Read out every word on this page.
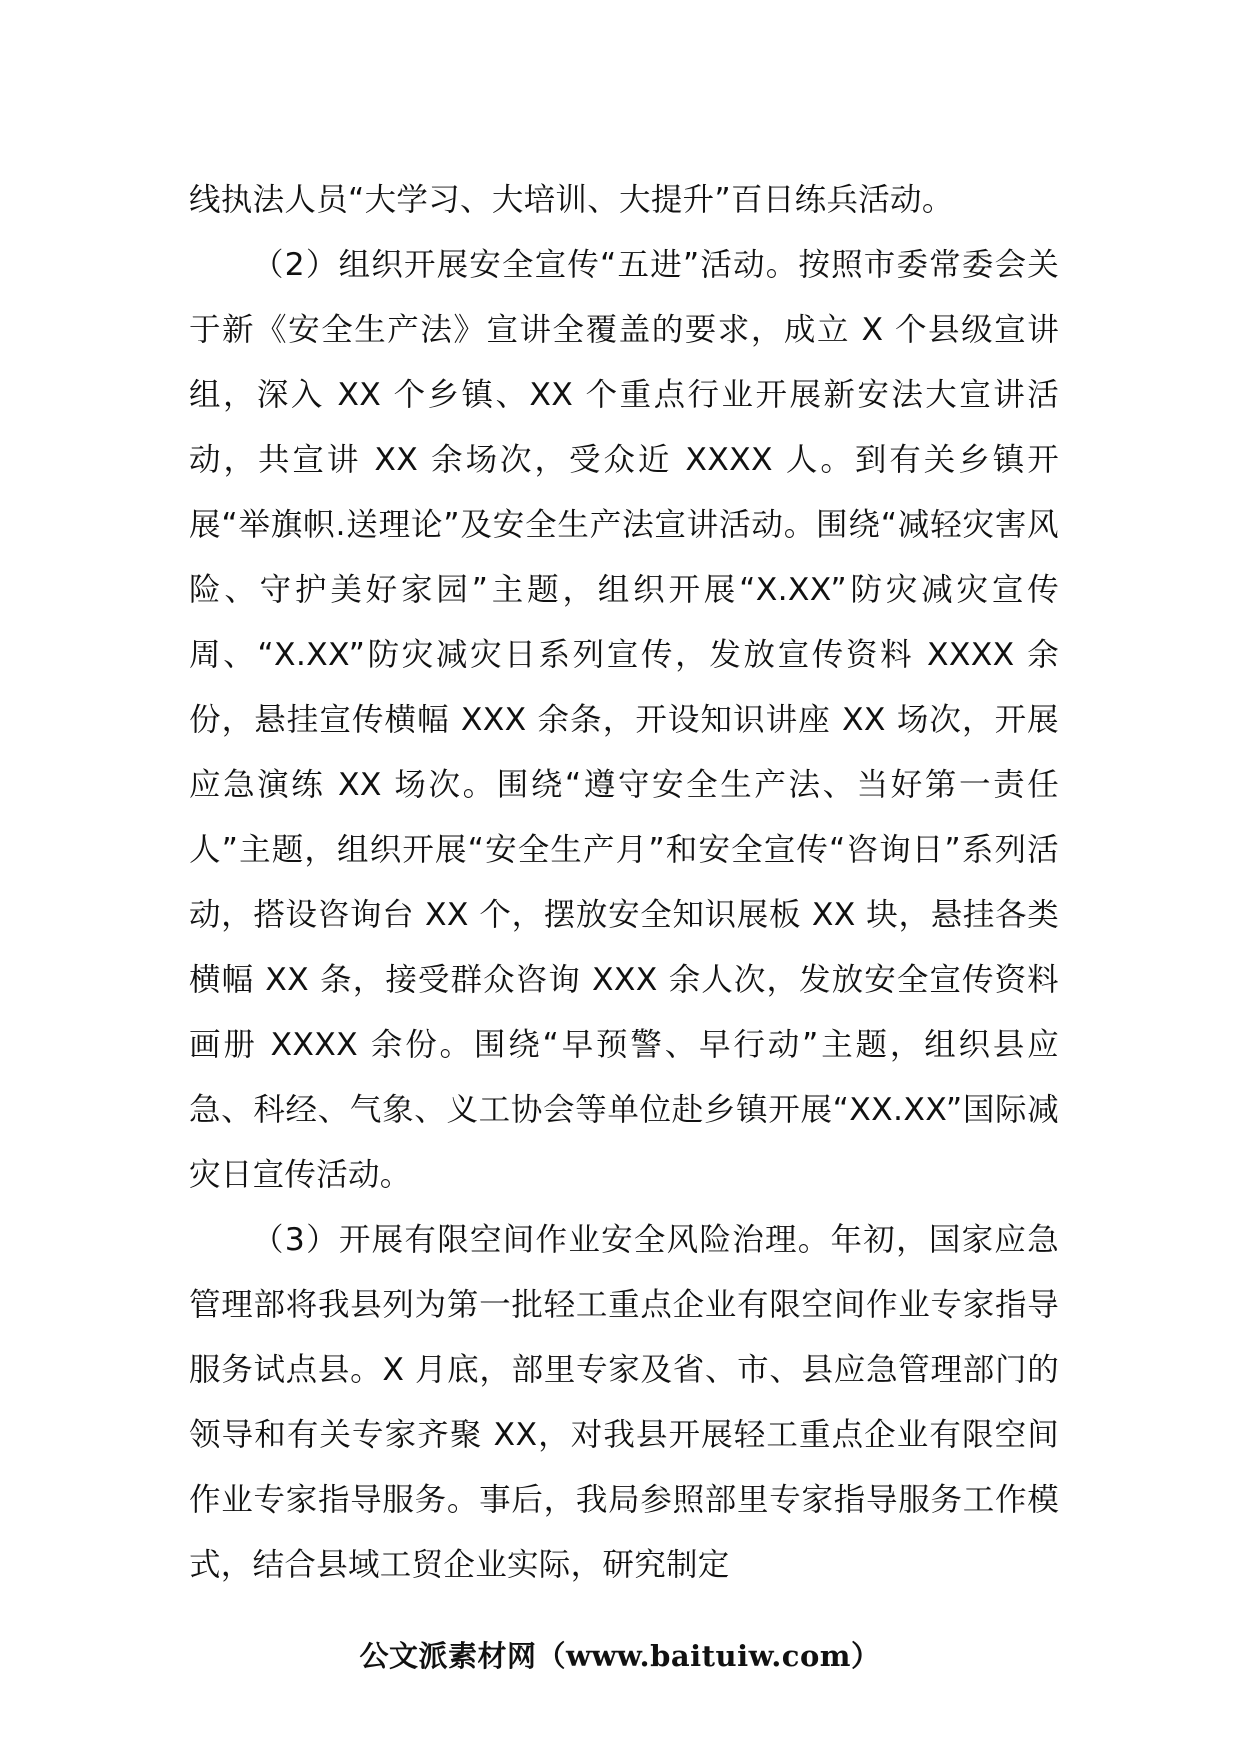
线执法人员“大学习、大培训、大提升”百日练兵活动。

（2）组织开展安全宣传“五进”活动。按照市委常委会关于新《安全生产法》宣讲全覆盖的要求，成立 X 个县级宣讲组，深入 XX 个乡镇、XX 个重点行业开展新安法大宣讲活动，共宣讲 XX 余场次，受众近 XXXX 人。到有关乡镇开展“举旗帜.送理论”及安全生产法宣讲活动。围绕“减轻灾害风险、守护美好家园”主题，组织开展“X.XX”防灾减灾宣传周、“X.XX”防灾减灾日系列宣传，发放宣传资料 XXXX 余份，悬挂宣传横幅 XXX 余条，开设知识讲座 XX 场次，开展应急演练 XX 场次。围绕“遵守安全生产法、当好第一责任人”主题，组织开展“安全生产月”和安全宣传“咨询日”系列活动，搭设咨询台 XX 个，摆放安全知识展板 XX 块，悬挂各类横幅 XX 条，接受群众咨询 XXX 余人次，发放安全宣传资料画册 XXXX 余份。围绕“早预警、早行动”主题，组织县应急、科经、气象、义工协会等单位赴乡镇开展“XX.XX”国际减灾日宣传活动。

（3）开展有限空间作业安全风险治理。年初，国家应急管理部将我县列为第一批轻工重点企业有限空间作业专家指导服务试点县。X 月底，部里专家及省、市、县应急管理部门的领导和有关专家齐聚 XX，对我县开展轻工重点企业有限空间作业专家指导服务。事后，我局参照部里专家指导服务工作模式，结合县域工贸企业实际，研究制定

公文派素材网（www.baituiw.com）
